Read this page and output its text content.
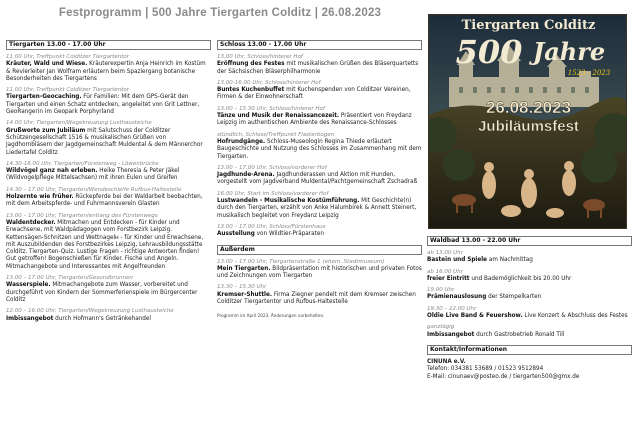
Festprogramm | 500 Jahre Tiergarten Colditz | 26.08.2023
Tiergarten 13.00 - 17.00 Uhr
11.00 Uhr, Treffpunkt Colditzer Tiergartentor
Kräuter, Wald und Wiese. Kräuterexpertin Anja Heinrich im Kostüm & Revierleiter Jan Wolfram erläutern beim Spaziergang botanische Besonderheiten des Tiergartens
11.00 Uhr, Treffpunkt Colditzer Tiergartentor
Tiergarten-Geocaching. Für Familien: Mit dem GPS-Gerät den Tiergarten und einen Schatz entdecken, angeleitet von Grit Lettner, GeoRangerin im Geopark Porphyrland
14.00 Uhr, Tiergarten/Wegekreuzung Lusthausteiche
Grußworte zum Jubiläum mit Salutschuss der Colditzer Schützengesellschaft 1516 & musikalischen Grüßen von Jagdhornbläsern der Jagdgemeinschaft Muldental & dem Männerchor Liedertafel Colditz
14.30-16.00 Uhr, Tiergarten/Fürstenweg - Löwenbrücke
Wildvögel ganz nah erleben. Heike Theresia & Peter Jäkel (Wildvogelpflege Mittelsachsen) mit ihren Eulen und Greifen
14.30 – 17.00 Uhr, Tiergarten/Wendeschleife Rufbus-Haltestelle
Holzernte wie früher. Rückepferde bei der Waldarbeit beobachten, mit dem Arbeitspferde- und Fuhrmannsverein Glasten
13.00 – 17.00 Uhr, Tiergarten/entlang des Fürstenwegs
Waldentdecker. Mitmachen und Entdecken - für Kinder und Erwachsene, mit Waldpädagogen vom Forstbezirk Leipzig. Kettensägen-Schnitzen und Wettnagelн - für Kinder und Erwachsene, mit Auszubildenden des Forstbezirkes Leipzig, Lehrausbildungsstätte Colditz. Tiergarten-Quiz. Lustige Fragen - richtige Antworten finden! Gut getroffen! Bogenschießen für Kinder. Fische und Angeln. Mitmachangebote und Interessantes mit Angelfreunden
13.00 – 17.00 Uhr, Tiergarten/Gesundbrunnen
Wasserspiele. Mitmachangebote zum Wasser, vorbereitet und durchgeführt von Kindern der Sommerferienspiele im Bürgercenter Colditz
12.00 – 16.00 Uhr, Tiergarten/Wegekreuzung Lusthausteiche
Imbissangebot durch Hofmann's Getränkehandel
Schloss 13.00 - 17.00 Uhr
13.00 Uhr, Schloss/hinterer Hof
Eröffnung des Festes mit musikalischen Grüßen des Bläserquartetts der Sächsischen Bläserphilharmonie
13.00-16.00 Uhr, Schloss/hinterer Hof
Buntes Kuchenbuffet mit Kuchenspenden von Colditzer Vereinen, Firmen & der Einwohnerschaft
13.00 – 15.30 Uhr, Schloss/hinterer Hof
Tänze und Musik der Renaissancezeit. Präsentiert von Freydanz Leipzig im authentischen Ambiente des Renaissance-Schlosses
stündlich, Schloss/Treffpunkt Flasterbogen
Hofrundgänge. Schloss-Museologin Regina Thiede erläutert Baugeschichte und Nutzung des Schlosses im Zusammenhang mit dem Tiergarten.
13.00 – 17.00 Uhr, Schloss/vorderer Hof
Jagdhunde-Arena. Jagdhunderassen und Aktion mit Hunden, vorgestellt vom Jagdverband Muldental/Pachtgemeinschaft Zschadraß
16.00 Uhr, Start im Schloss/vorderer Hof
Lustwandeln - Musikalische Kostümführung. Mit Geschichte(n) durch den Tiergarten, erzählt von Anke Halumbirek & Annett Steinert, musikalisch begleitet von Freydanz Leipzig
13.00 – 17.00 Uhr, Schloss/Fürstenhaus
Ausstellung von Wildtier-Präparaten
Außerdem
13.00 – 17.00 Uhr, Tiergartenstraße 1 (ehem. Stadtmuseum)
Mein Tiergarten. Bildpräsentation mit historischen und privaten Fotos und Zeichnungen vom Tiergarten
13.30 – 15.30 Uhr
Kremser-Shuttle. Firma Ziegner pendelt mit dem Kremser zwischen Colditzer Tiergartentor und Rufbus-Haltestelle
Programm im April 2023, Änderungen vorbehalten.
Tiergarten Colditz
500 Jahre
1523 - 2023
26.08.2023
Jubiläumsfest
Waldbad 13.00 - 22.00 Uhr
ab 13.00 Uhr
Bastein und Spiele am Nachmittag
ab 16.00 Uhr
freier Eintritt und Bademöglichkeit bis 20.00 Uhr
19.00 Uhr
Prämienauslosung der Stempelkarten
19.30 – 22.00 Uhr
Oldie Live Band & Feuershow. Live Konzert & Abschluss des Festes
ganztägig
Imbissangebot durch Gastrobetrieb Ronald Till
Kontakt/Informationen
CINUNA e.V.
Telefon: 034381 53689 / 01523 9512894
E-Mail: cinunaev@posteo.de / tiergarten500@gmx.de
